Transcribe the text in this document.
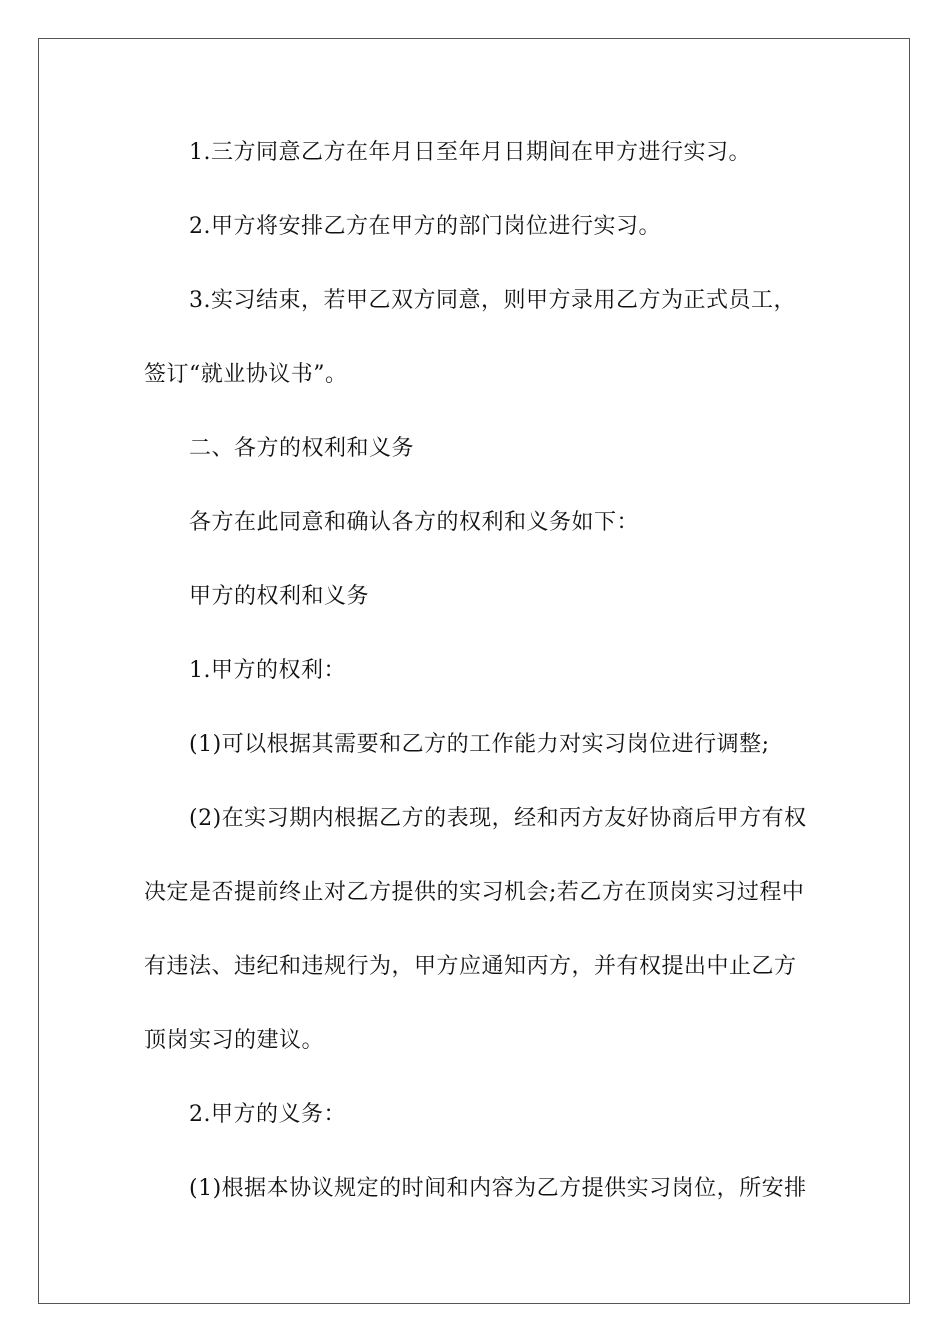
1.三方同意乙方在年月日至年月日期间在甲方进行实习。
2.甲方将安排乙方在甲方的部门岗位进行实习。
3.实习结束，若甲乙双方同意，则甲方录用乙方为正式员工，
签订“就业协议书”。
二、各方的权利和义务
各方在此同意和确认各方的权利和义务如下：
甲方的权利和义务
1.甲方的权利：
(1)可以根据其需要和乙方的工作能力对实习岗位进行调整;
(2)在实习期内根据乙方的表现，经和丙方友好协商后甲方有权
决定是否提前终止对乙方提供的实习机会;若乙方在顶岗实习过程中
有违法、违纪和违规行为，甲方应通知丙方，并有权提出中止乙方
顶岗实习的建议。
2.甲方的义务：
(1)根据本协议规定的时间和内容为乙方提供实习岗位，所安排
